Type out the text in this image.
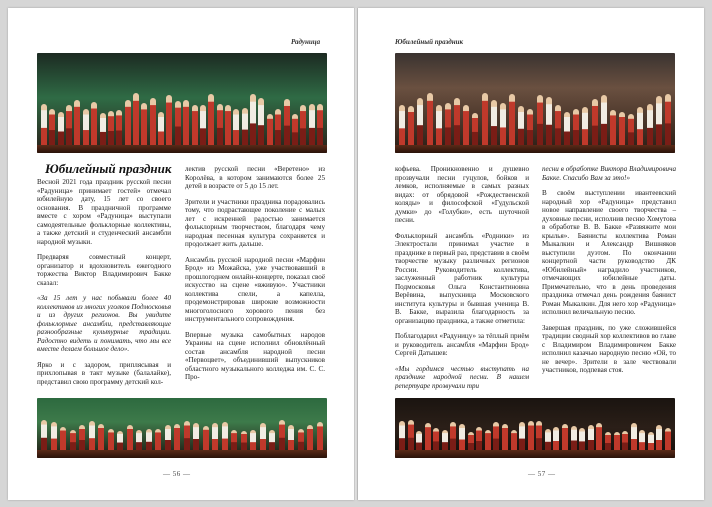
Радуница
Юбилейный праздник

Весной 2021 года праздник русской песни «Радуница» принимает гостей» отмечал юбилейную дату, 15 лет со своего основания. В праздничной программе вместе с хором «Радуница» выступали самодеятельные фольклорные коллективы, а также детский и студенческий ансамбли народной музыки.

Предваряя совместный концерт, организатор и вдохновитель ежегодного торжества Виктор Владимирович Бакке сказал:

«За 15 лет у нас побывали более 40 коллективов из многих уголков Подмосковья и из других регионов. Вы увидите фольклорные ансамбли, представляющие разнообразные культурные традиции. Радостно видеть и понимать, что мы все вместе делаем большое дело».

Ярко и с задором, приплясывая и прихлопывая в такт музыке (балалайке), представил свою программу детский кол-

лектив русской песни «Веретено» из Королёва, в котором занимаются более 25 детей в возрасте от 5 до 15 лет.

Зрители и участники праздника порадовались тому, что подрастающее поколение с малых лет с искренней радостью занимается фольклорным творчеством, благодаря чему народная песенная культура сохраняется и продолжает жить дальше.

Ансамбль русской народной песни «Марфин Брод» из Можайска, уже участвовавший в прошлогоднем онлайн-концерте, показал своё искусство на сцене «вживую». Участники коллектива спели, а капелла, продемонстрировав широкие возможности многоголосного хорового пения без инструментального сопровождения.

Впервые музыка самобытных народов Украины на сцене исполнил обновлённый состав ансамбля народной песни «Первоцвет», объединивший выпускников областного музыкального колледжа им. С. С. Про-

— 56 —
Юбилейный праздник

кофьева. Проникновенно и душевно прозвучали песни гуцулов, бойков и лемков, исполняемые в самых разных видах: от обрядовой «Рождественской коляды» и философской «Гудульской думки» до «Голубки», есть шуточной песни.

Фольклорный ансамбль «Родники» из Электростали принимал участие в празднике в первый раз, представив в своём творчестве музыку различных регионов России. Руководитель коллектива, заслуженный работник культуры Подмосковья Ольга Константиновна Верёвина, выпускница Московского института культуры и бывшая ученица В. В. Бакке, выразила благодарность за организацию праздника, а также отметила:

Поблагодарил «Радуницу» за тёплый приём и руководитель ансамбля «Марфин Брод» Сергей Датышев:

«Мы гордимся честью выступать на празднике народной песни. В нашем репертуаре прозвучали три

песни в обработке Виктора Владимировича Бакке. Спасибо Вам за это!»

В своём выступлении ивантеевский народный хор «Радуница» представил новое направление своего творчества – духовные песни, исполнив песню Хомутова в обработке В. В. Бакке «Развяжите мои крылья». Баянисты коллектива Роман Мыкалкин и Александр Вишняков выступили дуэтом. По окончании концертной части руководство ДК «Юбилейный» наградило участников, отмечающих юбилейные даты. Примечательно, что в день проведения праздника отмечал день рождения баянист Роман Мыкалкин. Для него хор «Радуница» исполнил величальную песню.

Завершая праздник, по уже сложившейся традиции сводный хор коллективов во главе с Владимиром Владимировичем Бакке исполнил казачью народную песню «Ой, то не вечер». Зрители в зале чествовали участников, подпевая стоя.

— 57 —
